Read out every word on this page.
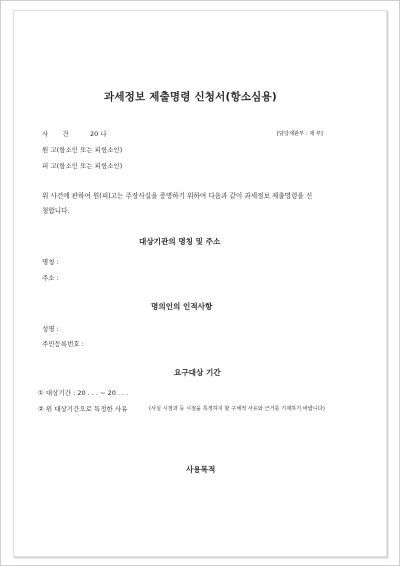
과세정보 제출명령 신청서(항소심용)
사 건 20 나	[담당재판부 : 제 부]
원 고(항소인 또는 피항소인)
피 고(항소인 또는 피항소인)
위 사건에 관하여 원(피)고는 주장사실을 증명하기 위하여 다음과 같이 과세정보 제출명령을 신
청합니다.
대상기관의 명칭 및 주소
명칭 :
주소 :
명의인의 인적사항
성명 :
주민등록번호 :
요구대상 기간
① 대상기간 : 20 . . . ~ 20 . . .
② 위 대상기간으로 특정한 사유	(사실 시점과 등 시점을 특정하지 할 구체적 사유와 근거를 기재하기 바랍니다)
사용목적
